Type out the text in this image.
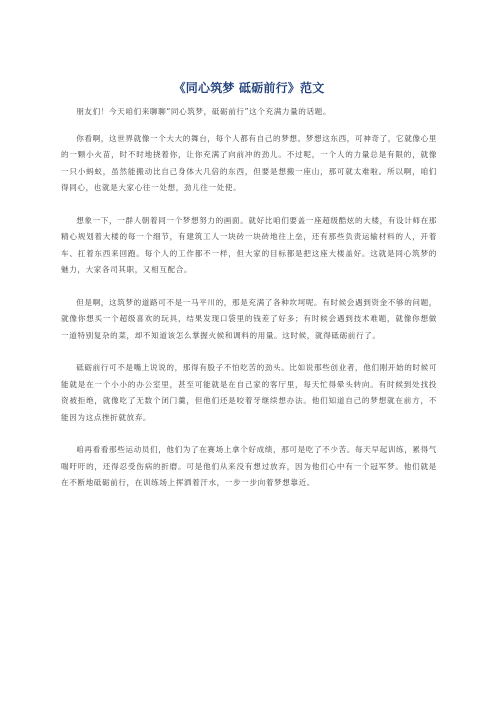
《同心筑梦 砥砺前行》范文

朋友们！今天咱们来聊聊“同心筑梦，砥砺前行”这个充满力量的话题。

你看啊，这世界就像一个大大的舞台，每个人都有自己的梦想。梦想这东西，可神奇了，它就像心里的一颗小火苗，时不时地挠着你，让你充满了向前冲的劲儿。不过呢，一个人的力量总是有限的，就像一只小蚂蚁，虽然能搬动比自己身体大几倍的东西，但要是想搬一座山，那可就太难啦。所以啊，咱们得同心，也就是大家心往一处想，劲儿往一处使。

想象一下，一群人朝着同一个梦想努力的画面。就好比咱们要盖一座超级酷炫的大楼，有设计师在那精心规划着大楼的每一个细节，有建筑工人一块砖一块砖地往上垒，还有那些负责运输材料的人，开着车、扛着东西来回跑。每个人的工作都不一样，但大家的目标都是把这座大楼盖好。这就是同心筑梦的魅力，大家各司其职，又相互配合。

但是啊，这筑梦的道路可不是一马平川的，那是充满了各种坎坷呢。有时候会遇到资金不够的问题，就像你想买一个超级喜欢的玩具，结果发现口袋里的钱差了好多；有时候会遇到技术难题，就像你想做一道特别复杂的菜，却不知道该怎么掌握火候和调料的用量。这时候，就得砥砺前行了。

砥砺前行可不是嘴上说说的，那得有股子不怕吃苦的劲头。比如说那些创业者，他们刚开始的时候可能就是在一个小小的办公室里，甚至可能就是在自己家的客厅里，每天忙得晕头转向。有时候到处找投资被拒绝，就像吃了无数个闭门羹，但他们还是咬着牙继续想办法。他们知道自己的梦想就在前方，不能因为这点挫折就放弃。

咱再看看那些运动员们，他们为了在赛场上拿个好成绩，那可是吃了不少苦。每天早起训练，累得气喘吁吁的，还得忍受伤病的折磨。可是他们从来没有想过放弃，因为他们心中有一个冠军梦。他们就是在不断地砥砺前行，在训练场上挥洒着汗水，一步一步向着梦想靠近。
